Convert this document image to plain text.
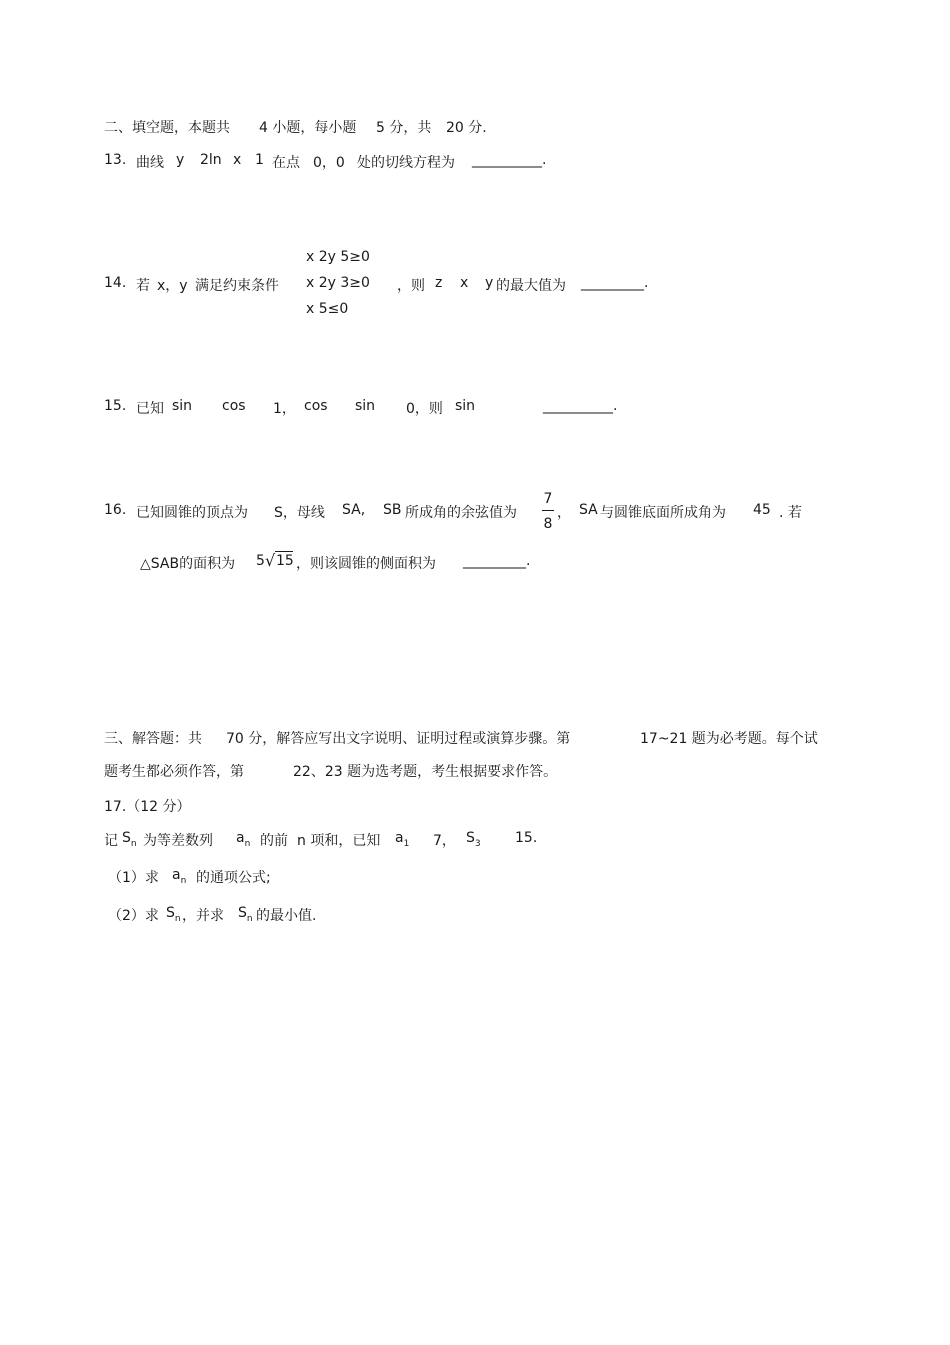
二、填空题，本题共 4 小题，每小题 5 分，共 20 分.
13. 曲线 y 2ln x 1 在点 0，0 处的切线方程为 __________.
x 2y 5≥0
14. 若 x，y 满足约束条件 x 2y 3≥0 ，则 z x y 的最大值为 _________.
x 5≤0
15. 已知 sin cos 1， cos sin 0，则 sin	__________.
16. 已知圆锥的顶点为 S，母线 SA, SB 所成角的余弦值为
7
8
， SA 与圆锥底面所成角为 45 . 若
△SAB的面积为 5 √ 15 ，则该圆锥的侧面积为 _________.
三、解答题：共 70 分，解答应写出文字说明、证明过程或演算步骤。第	17~21 题为必考题。每个试
题考生都必须作答，第	22、23 题为选考题，考生根据要求作答。
17.（12 分）
记 $S_n$ 为等差数列 $a_n$ 的前 n 项和，已知 $a_1$ 7， $S_3$ 15.
（1）求 $a_n$ 的通项公式;
（2）求 $S_n$ ，并求 $S_n$ 的最小值.
